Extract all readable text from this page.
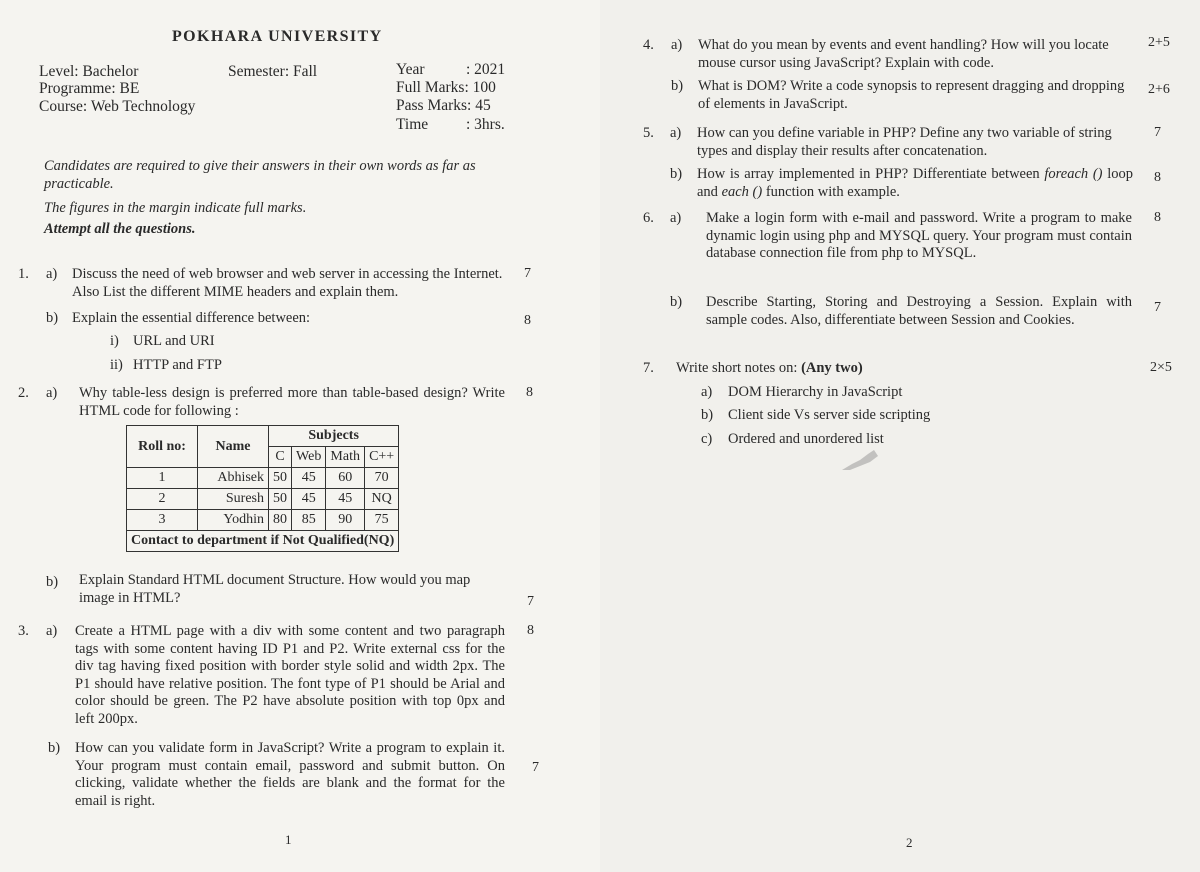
POKHARA UNIVERSITY
Level: Bachelor
Programme: BE
Course: Web Technology
Semester: Fall	Year	: 2021
Full Marks: 100
Pass Marks: 45
Time : 3hrs.
Candidates are required to give their answers in their own words as far as practicable.
The figures in the margin indicate full marks.
Attempt all the questions.
1. a) Discuss the need of web browser and web server in accessing the Internet. Also List the different MIME headers and explain them.
7
b) Explain the essential difference between:	8
i) URL and URI
ii) HTTP and FTP
2. a) Why table-less design is preferred more than table-based design? Write HTML code for following :
8
Roll no:	Name	Subjects			
		C	Web	Math	C++
1	Abhisek	50	45	60	70
2	Suresh	50	45	45	NQ
3	Yodhin	80	85	90	75
Contact to department if Not Qualified(NQ)					
b) Explain Standard HTML document Structure. How would you map image in HTML?	7
3. a) Create a HTML page with a div with some content and two paragraph tags with some content having ID P1 and P2. Write external css for the div tag having fixed position with border style solid and width 2px. The P1 should have relative position. The font type of P1 should be Arial and color should be green. The P2 have absolute position with top 0px and left 200px.
8
b) How can you validate form in JavaScript? Write a program to explain it. Your program must contain email, password and submit button. On clicking, validate whether the fields are blank and the format for the email is right.
7
1
4. a) What do you mean by events and event handling? How will you locate mouse cursor using JavaScript? Explain with code.
2+5
b) What is DOM? Write a code synopsis to represent dragging and dropping of elements in JavaScript.
2+6
5. a) How can you define variable in PHP? Define any two variable of string types and display their results after concatenation.
7
b) How is array implemented in PHP? Differentiate between foreach () loop and each () function with example.
8
6. a) Make a login form with e-mail and password. Write a program to make dynamic login using php and MYSQL query. Your program must contain database connection file from php to MYSQL.
8
b) Describe Starting, Storing and Destroying a Session. Explain with sample codes. Also, differentiate between Session and Cookies.
7
7. Write short notes on: (Any two)	2×5
a) DOM Hierarchy in JavaScript
b) Client side Vs server side scripting
c) Ordered and unordered list
2
